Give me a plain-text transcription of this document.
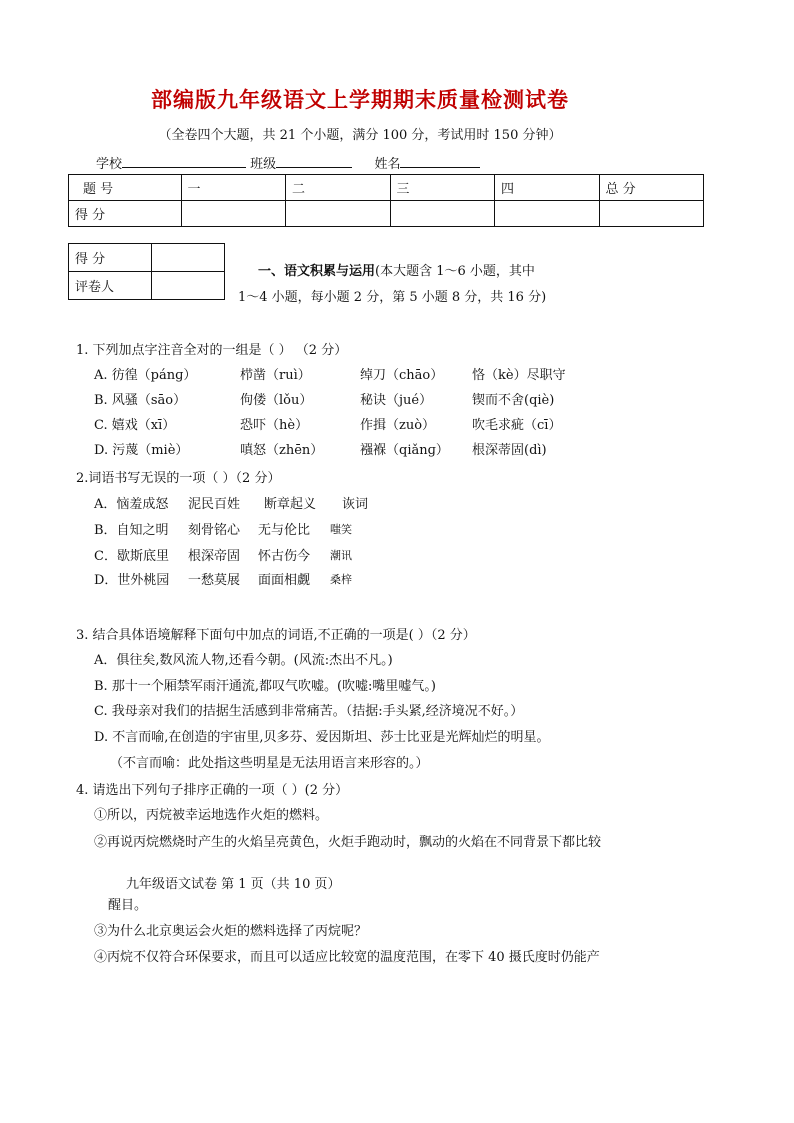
部编版九年级语文上学期期末质量检测试卷
（全卷四个大题，共 21 个小题，满分 100 分，考试用时 150 分钟）
学校	班级	姓名
题 号	一	二	三	四	总 分
得 分					
得 分	
评卷人	
一、语文积累与运用(本大题含 1～6 小题，其中
1～4 小题，每小题 2 分，第 5 小题 8 分，共 16 分)
1. 下列加点字注音全对的一组是（ ） （2 分）
A. 彷徨（pánɡ）	栉凿（ruì）	绰刀（chāo） 恪（kè）尽职守
B. 风骚（sāo）	佝偻（lǒu）	秘诀（jué）	锲而不舍(qiè)
C. 嬉戏（xī）	恐吓（hè）	作揖（zuò）	吹毛求疵（cī）
D. 污蔑（miè）	嗔怒（zhēn）	襁褓（qiǎnɡ） 根深蒂固(dì)
2.词语书写无误的一项（ ）（2 分）
A．恼羞成怒 泥民百姓 断章起义 诙词
B．自知之明 刻骨铭心 无与伦比 嗤笑
C．歇斯底里 根深帝固 怀古伤今 潮讯
D．世外桃园 一愁莫展 面面相觑 桑梓
3. 结合具体语境解释下面句中加点的词语,不正确的一项是( ）（2 分）
A．俱往矣,数风流人物,还看今朝。(风流:杰出不凡。)
B. 那十一个厢禁军雨汗通流,都叹气吹嘘。(吹嘘:嘴里嘘气。)
C. 我母亲对我们的拮据生活感到非常痛苦。（拮据:手头紧,经济境况不好。）
D. 不言而喻,在创造的宇宙里,贝多芬、爱因斯坦、莎士比亚是光辉灿烂的明星。
（不言而喻：此处指这些明星是无法用语言来形容的。）
4. 请选出下列句子排序正确的一项（ ）(2 分）
①所以，丙烷被幸运地选作火炬的燃料。
②再说丙烷燃烧时产生的火焰呈亮黄色，火炬手跑动时，飘动的火焰在不同背景下都比较
九年级语文试卷 第 1 页（共 10 页）
醒目。
③为什么北京奥运会火炬的燃料选择了丙烷呢？
④丙烷不仅符合环保要求，而且可以适应比较宽的温度范围，在零下 40 摄氏度时仍能产
